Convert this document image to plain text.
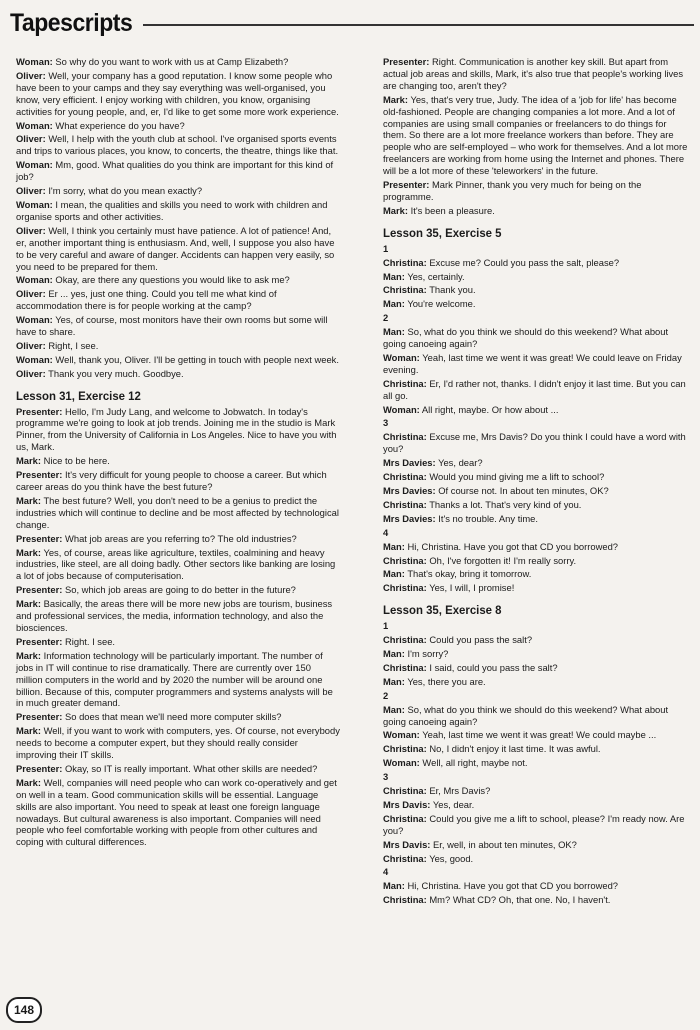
Tapescripts
Woman: So why do you want to work with us at Camp Elizabeth?
Oliver: Well, your company has a good reputation. I know some people who have been to your camps and they say everything was well-organised, you know, very efficient. I enjoy working with children, you know, organising activities for young people, and, er, I'd like to get some more work experience.
Woman: What experience do you have?
Oliver: Well, I help with the youth club at school. I've organised sports events and trips to various places, you know, to concerts, the theatre, things like that.
Woman: Mm, good. What qualities do you think are important for this kind of job?
Oliver: I'm sorry, what do you mean exactly?
Woman: I mean, the qualities and skills you need to work with children and organise sports and other activities.
Oliver: Well, I think you certainly must have patience. A lot of patience! And, er, another important thing is enthusiasm. And, well, I suppose you also have to be very careful and aware of danger. Accidents can happen very easily, so you need to be prepared for them.
Woman: Okay, are there any questions you would like to ask me?
Oliver: Er ... yes, just one thing. Could you tell me what kind of accommodation there is for people working at the camp?
Woman: Yes, of course, most monitors have their own rooms but some will have to share.
Oliver: Right, I see.
Woman: Well, thank you, Oliver. I'll be getting in touch with people next week.
Oliver: Thank you very much. Goodbye.
Lesson 31, Exercise 12
Presenter: Hello, I'm Judy Lang, and welcome to Jobwatch. In today's programme we're going to look at job trends. Joining me in the studio is Mark Pinner, from the University of California in Los Angeles. Nice to have you with us, Mark.
Mark: Nice to be here.
Presenter: It's very difficult for young people to choose a career. But which career areas do you think have the best future?
Mark: The best future? Well, you don't need to be a genius to predict the industries which will continue to decline and be most affected by technological change.
Presenter: What job areas are you referring to? The old industries?
Mark: Yes, of course, areas like agriculture, textiles, coalmining and heavy industries, like steel, are all doing badly. Other sectors like banking are losing a lot of jobs because of computerisation.
Presenter: So, which job areas are going to do better in the future?
Mark: Basically, the areas there will be more new jobs are tourism, business and professional services, the media, information technology, and also the biosciences.
Presenter: Right. I see.
Mark: Information technology will be particularly important. The number of jobs in IT will continue to rise dramatically. There are currently over 150 million computers in the world and by 2020 the number will be around one billion. Because of this, computer programmers and systems analysts will be in much greater demand.
Presenter: So does that mean we'll need more computer skills?
Mark: Well, if you want to work with computers, yes. Of course, not everybody needs to become a computer expert, but they should really consider improving their IT skills.
Presenter: Okay, so IT is really important. What other skills are needed?
Mark: Well, companies will need people who can work co-operatively and get on well in a team. Good communication skills will be essential. Language skills are also important. You need to speak at least one foreign language nowadays. But cultural awareness is also important. Companies will need people who feel comfortable working with people from other cultures and coping with cultural differences.
Presenter: Right. Communication is another key skill. But apart from actual job areas and skills, Mark, it's also true that people's working lives are changing too, aren't they?
Mark: Yes, that's very true, Judy. The idea of a 'job for life' has become old-fashioned. People are changing companies a lot more. And a lot of companies are using small companies or freelancers to do things for them. So there are a lot more freelance workers than before. They are people who are self-employed – who work for themselves. And a lot more freelancers are working from home using the Internet and phones. There will be a lot more of these 'teleworkers' in the future.
Presenter: Mark Pinner, thank you very much for being on the programme.
Mark: It's been a pleasure.
Lesson 35, Exercise 5
1
Christina: Excuse me? Could you pass the salt, please?
Man: Yes, certainly.
Christina: Thank you.
Man: You're welcome.
2
Man: So, what do you think we should do this weekend? What about going canoeing again?
Woman: Yeah, last time we went it was great! We could leave on Friday evening.
Christina: Er, I'd rather not, thanks. I didn't enjoy it last time. But you can all go.
Woman: All right, maybe. Or how about ...
3
Christina: Excuse me, Mrs Davis? Do you think I could have a word with you?
Mrs Davies: Yes, dear?
Christina: Would you mind giving me a lift to school?
Mrs Davies: Of course not. In about ten minutes, OK?
Christina: Thanks a lot. That's very kind of you.
Mrs Davies: It's no trouble. Any time.
4
Man: Hi, Christina. Have you got that CD you borrowed?
Christina: Oh, I've forgotten it! I'm really sorry.
Man: That's okay, bring it tomorrow.
Christina: Yes, I will, I promise!
Lesson 35, Exercise 8
1
Christina: Could you pass the salt?
Man: I'm sorry?
Christina: I said, could you pass the salt?
Man: Yes, there you are.
2
Man: So, what do you think we should do this weekend? What about going canoeing again?
Woman: Yeah, last time we went it was great! We could maybe ...
Christina: No, I didn't enjoy it last time. It was awful.
Woman: Well, all right, maybe not.
3
Christina: Er, Mrs Davis?
Mrs Davis: Yes, dear.
Christina: Could you give me a lift to school, please? I'm ready now. Are you?
Mrs Davis: Er, well, in about ten minutes, OK?
Christina: Yes, good.
4
Man: Hi, Christina. Have you got that CD you borrowed?
Christina: Mm? What CD? Oh, that one. No, I haven't.
148
